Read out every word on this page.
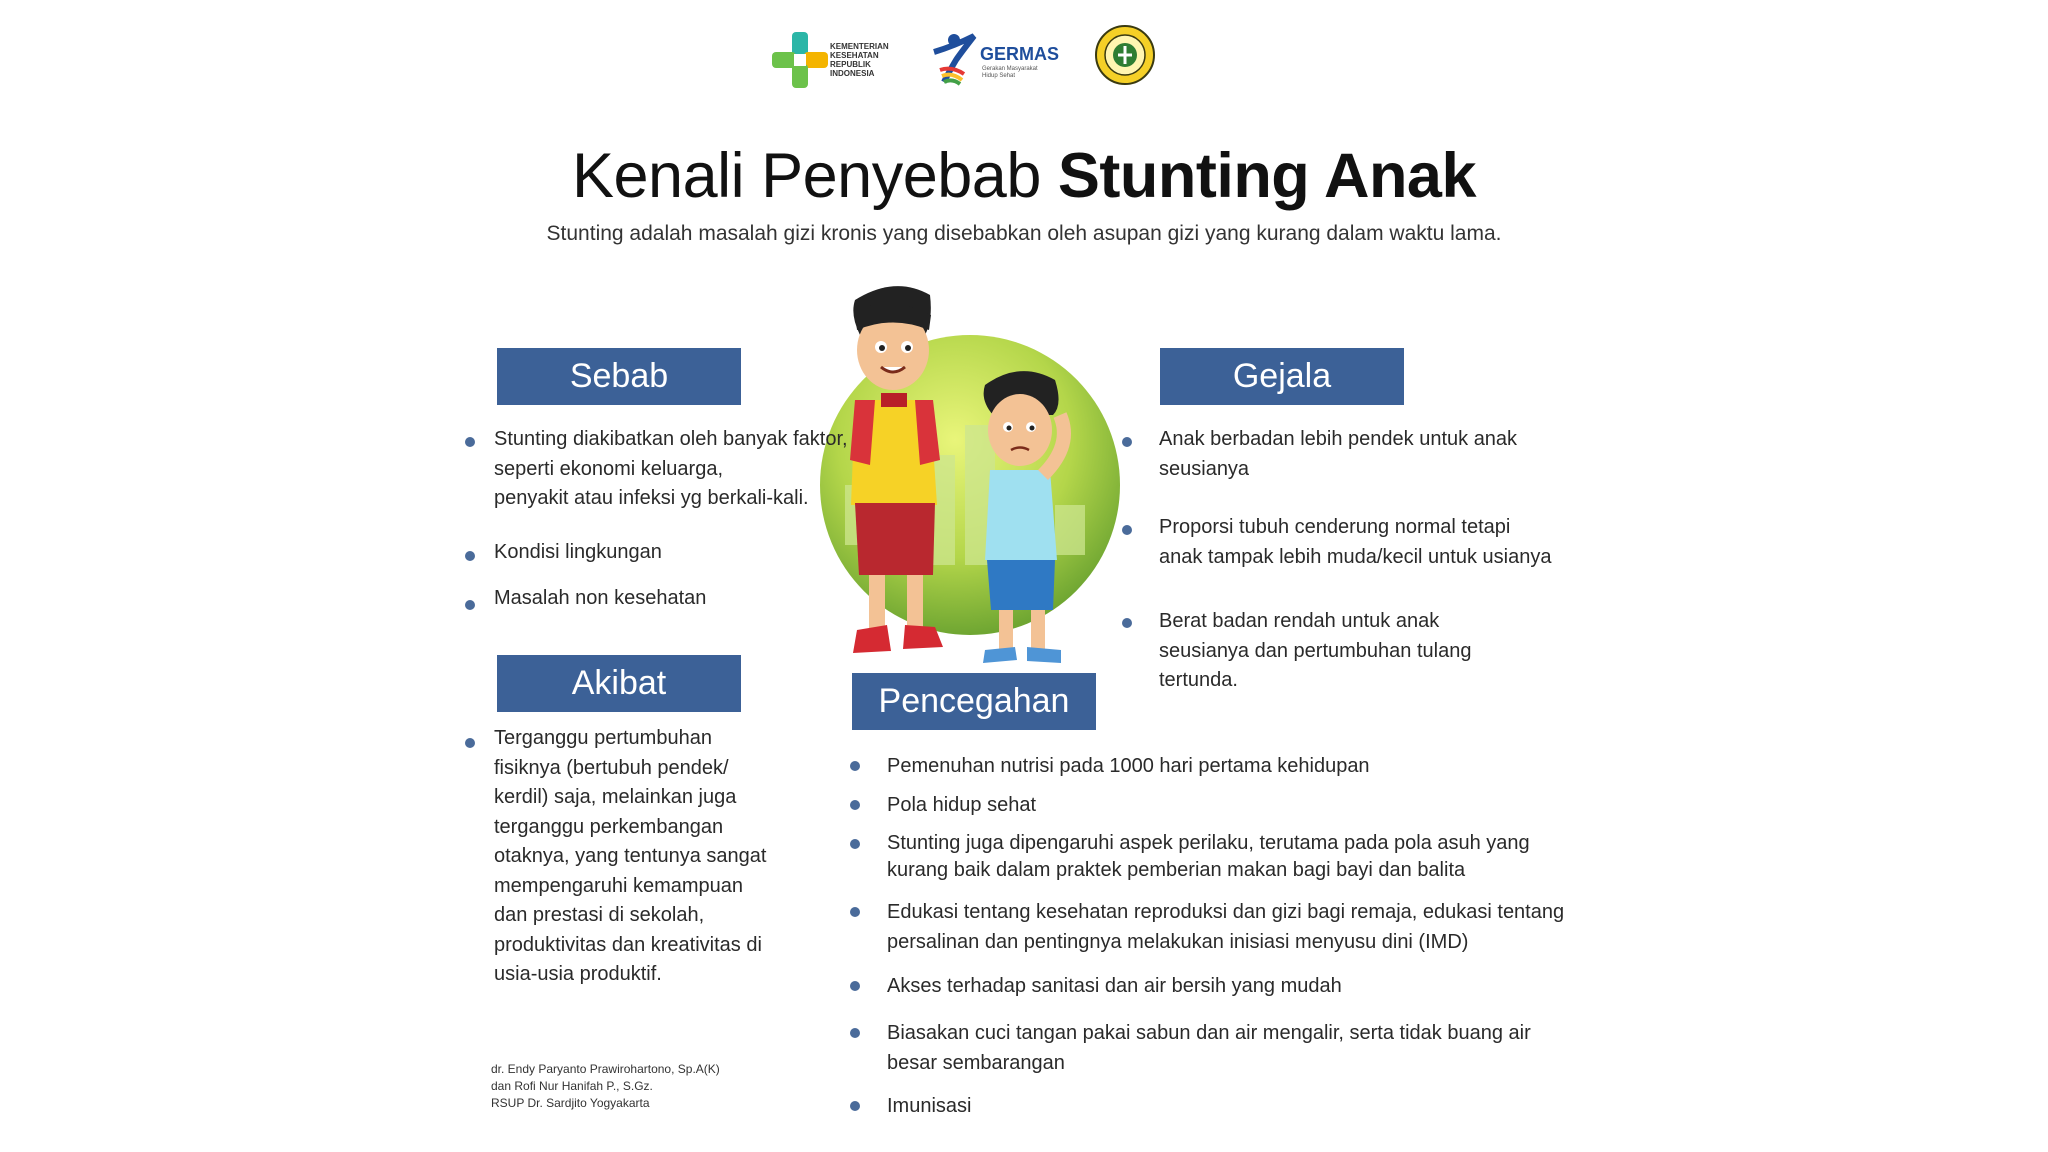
KEMENTERIAN
KESEHATAN
REPUBLIK
INDONESIA
GERMAS
Gerakan Masyarakat Hidup Sehat
Kenali Penyebab Stunting Anak
Stunting adalah masalah gizi kronis yang disebabkan oleh asupan gizi yang kurang dalam waktu lama.
Sebab
Stunting diakibatkan oleh banyak faktor,
seperti ekonomi keluarga,
penyakit atau infeksi yg berkali-kali.
Kondisi lingkungan
Masalah non kesehatan
Akibat
Terganggu pertumbuhan
fisiknya (bertubuh pendek/
kerdil) saja, melainkan juga
terganggu perkembangan
otaknya, yang tentunya sangat
mempengaruhi kemampuan
dan prestasi di sekolah,
produktivitas dan kreativitas di
usia-usia produktif.
Gejala
Anak berbadan lebih pendek untuk anak
seusianya
Proporsi tubuh cenderung normal tetapi
anak tampak lebih muda/kecil untuk usianya
Berat badan rendah untuk anak
seusianya dan pertumbuhan tulang
tertunda.
Pencegahan
Pemenuhan nutrisi pada 1000 hari pertama kehidupan
Pola hidup sehat
Stunting juga dipengaruhi aspek perilaku, terutama pada pola asuh yang
kurang baik dalam praktek pemberian makan bagi bayi dan balita
Edukasi tentang kesehatan reproduksi dan gizi bagi remaja, edukasi tentang
persalinan dan pentingnya melakukan inisiasi menyusu dini (IMD)
Akses terhadap sanitasi dan air bersih yang mudah
Biasakan cuci tangan pakai sabun dan air mengalir, serta tidak buang air
besar sembarangan
Imunisasi
dr. Endy Paryanto Prawirohartono, Sp.A(K)
dan Rofi Nur Hanifah P., S.Gz.
RSUP Dr. Sardjito Yogyakarta
